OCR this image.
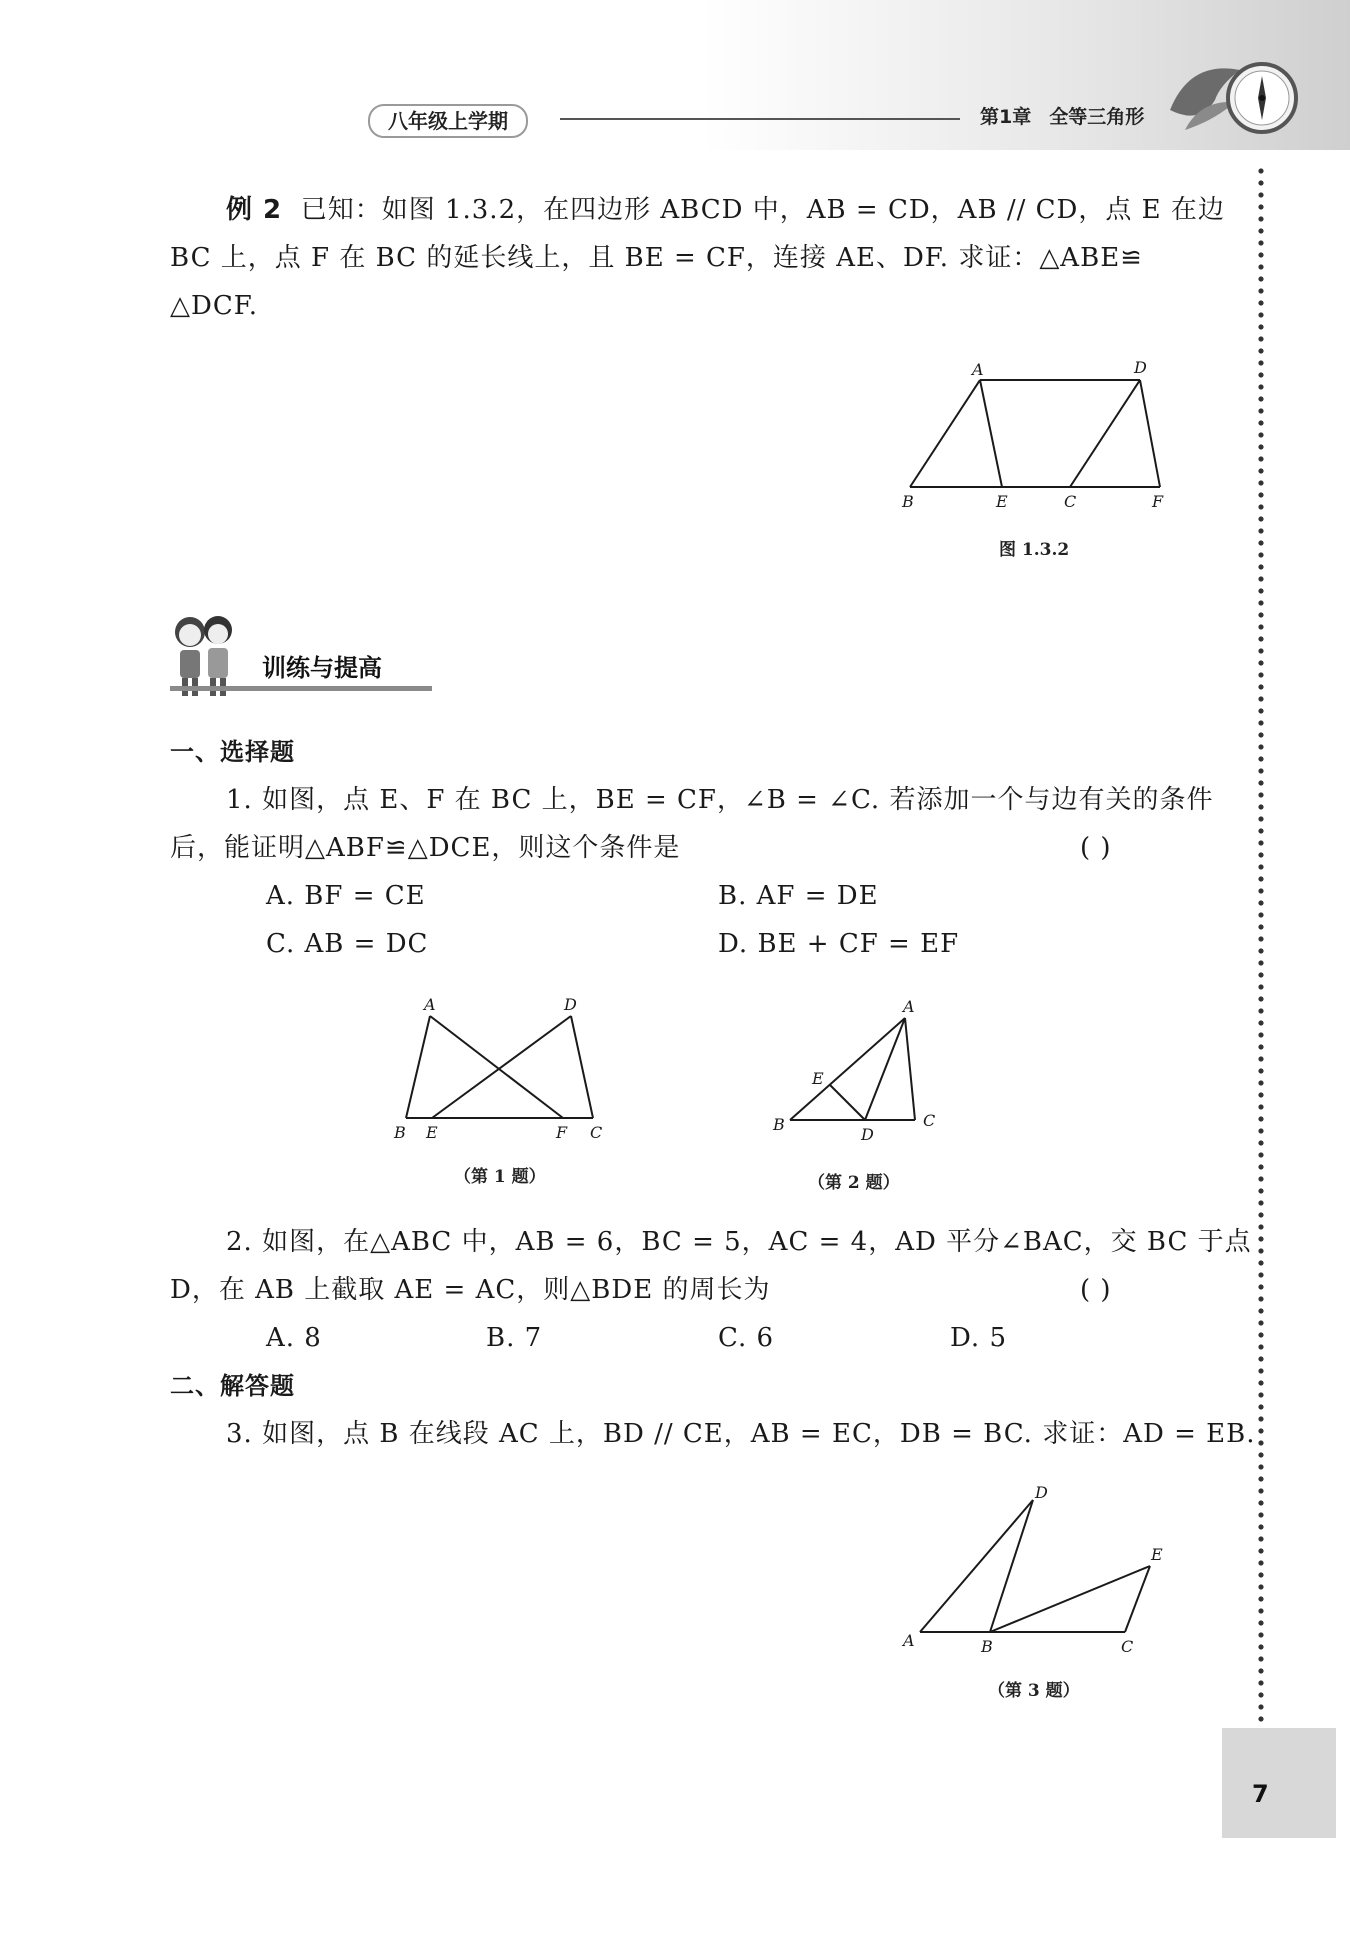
八年级上学期	第1章 全等三角形
7
例 2 已知：如图 1.3.2，在四边形 ABCD 中，AB = CD，AB // CD，点 E 在边
BC 上，点 F 在 BC 的延长线上，且 BE = CF，连接 AE、DF. 求证：△ABE≌
△DCF.
A	D
B	E	C	F
图 1.3.2
训练与提高
一、选择题
1. 如图，点 E、F 在 BC 上，BE = CF，∠B = ∠C. 若添加一个与边有关的条件
后，能证明△ABF≌△DCE，则这个条件是	( )
A. BF = CE	B. AF = DE
C. AB = DC	D. BE + CF = EF
A	D
B E	F C
（第 1 题）
A
E
B
D
C
（第 2 题）
2. 如图，在△ABC 中，AB = 6，BC = 5，AC = 4，AD 平分∠BAC，交 BC 于点
D，在 AB 上截取 AE = AC，则△BDE 的周长为	( )
A. 8	B. 7	C. 6	D. 5
二、解答题
3. 如图，点 B 在线段 AC 上，BD // CE，AB = EC，DB = BC. 求证：AD = EB.
D
E
A	B	C
（第 3 题）
